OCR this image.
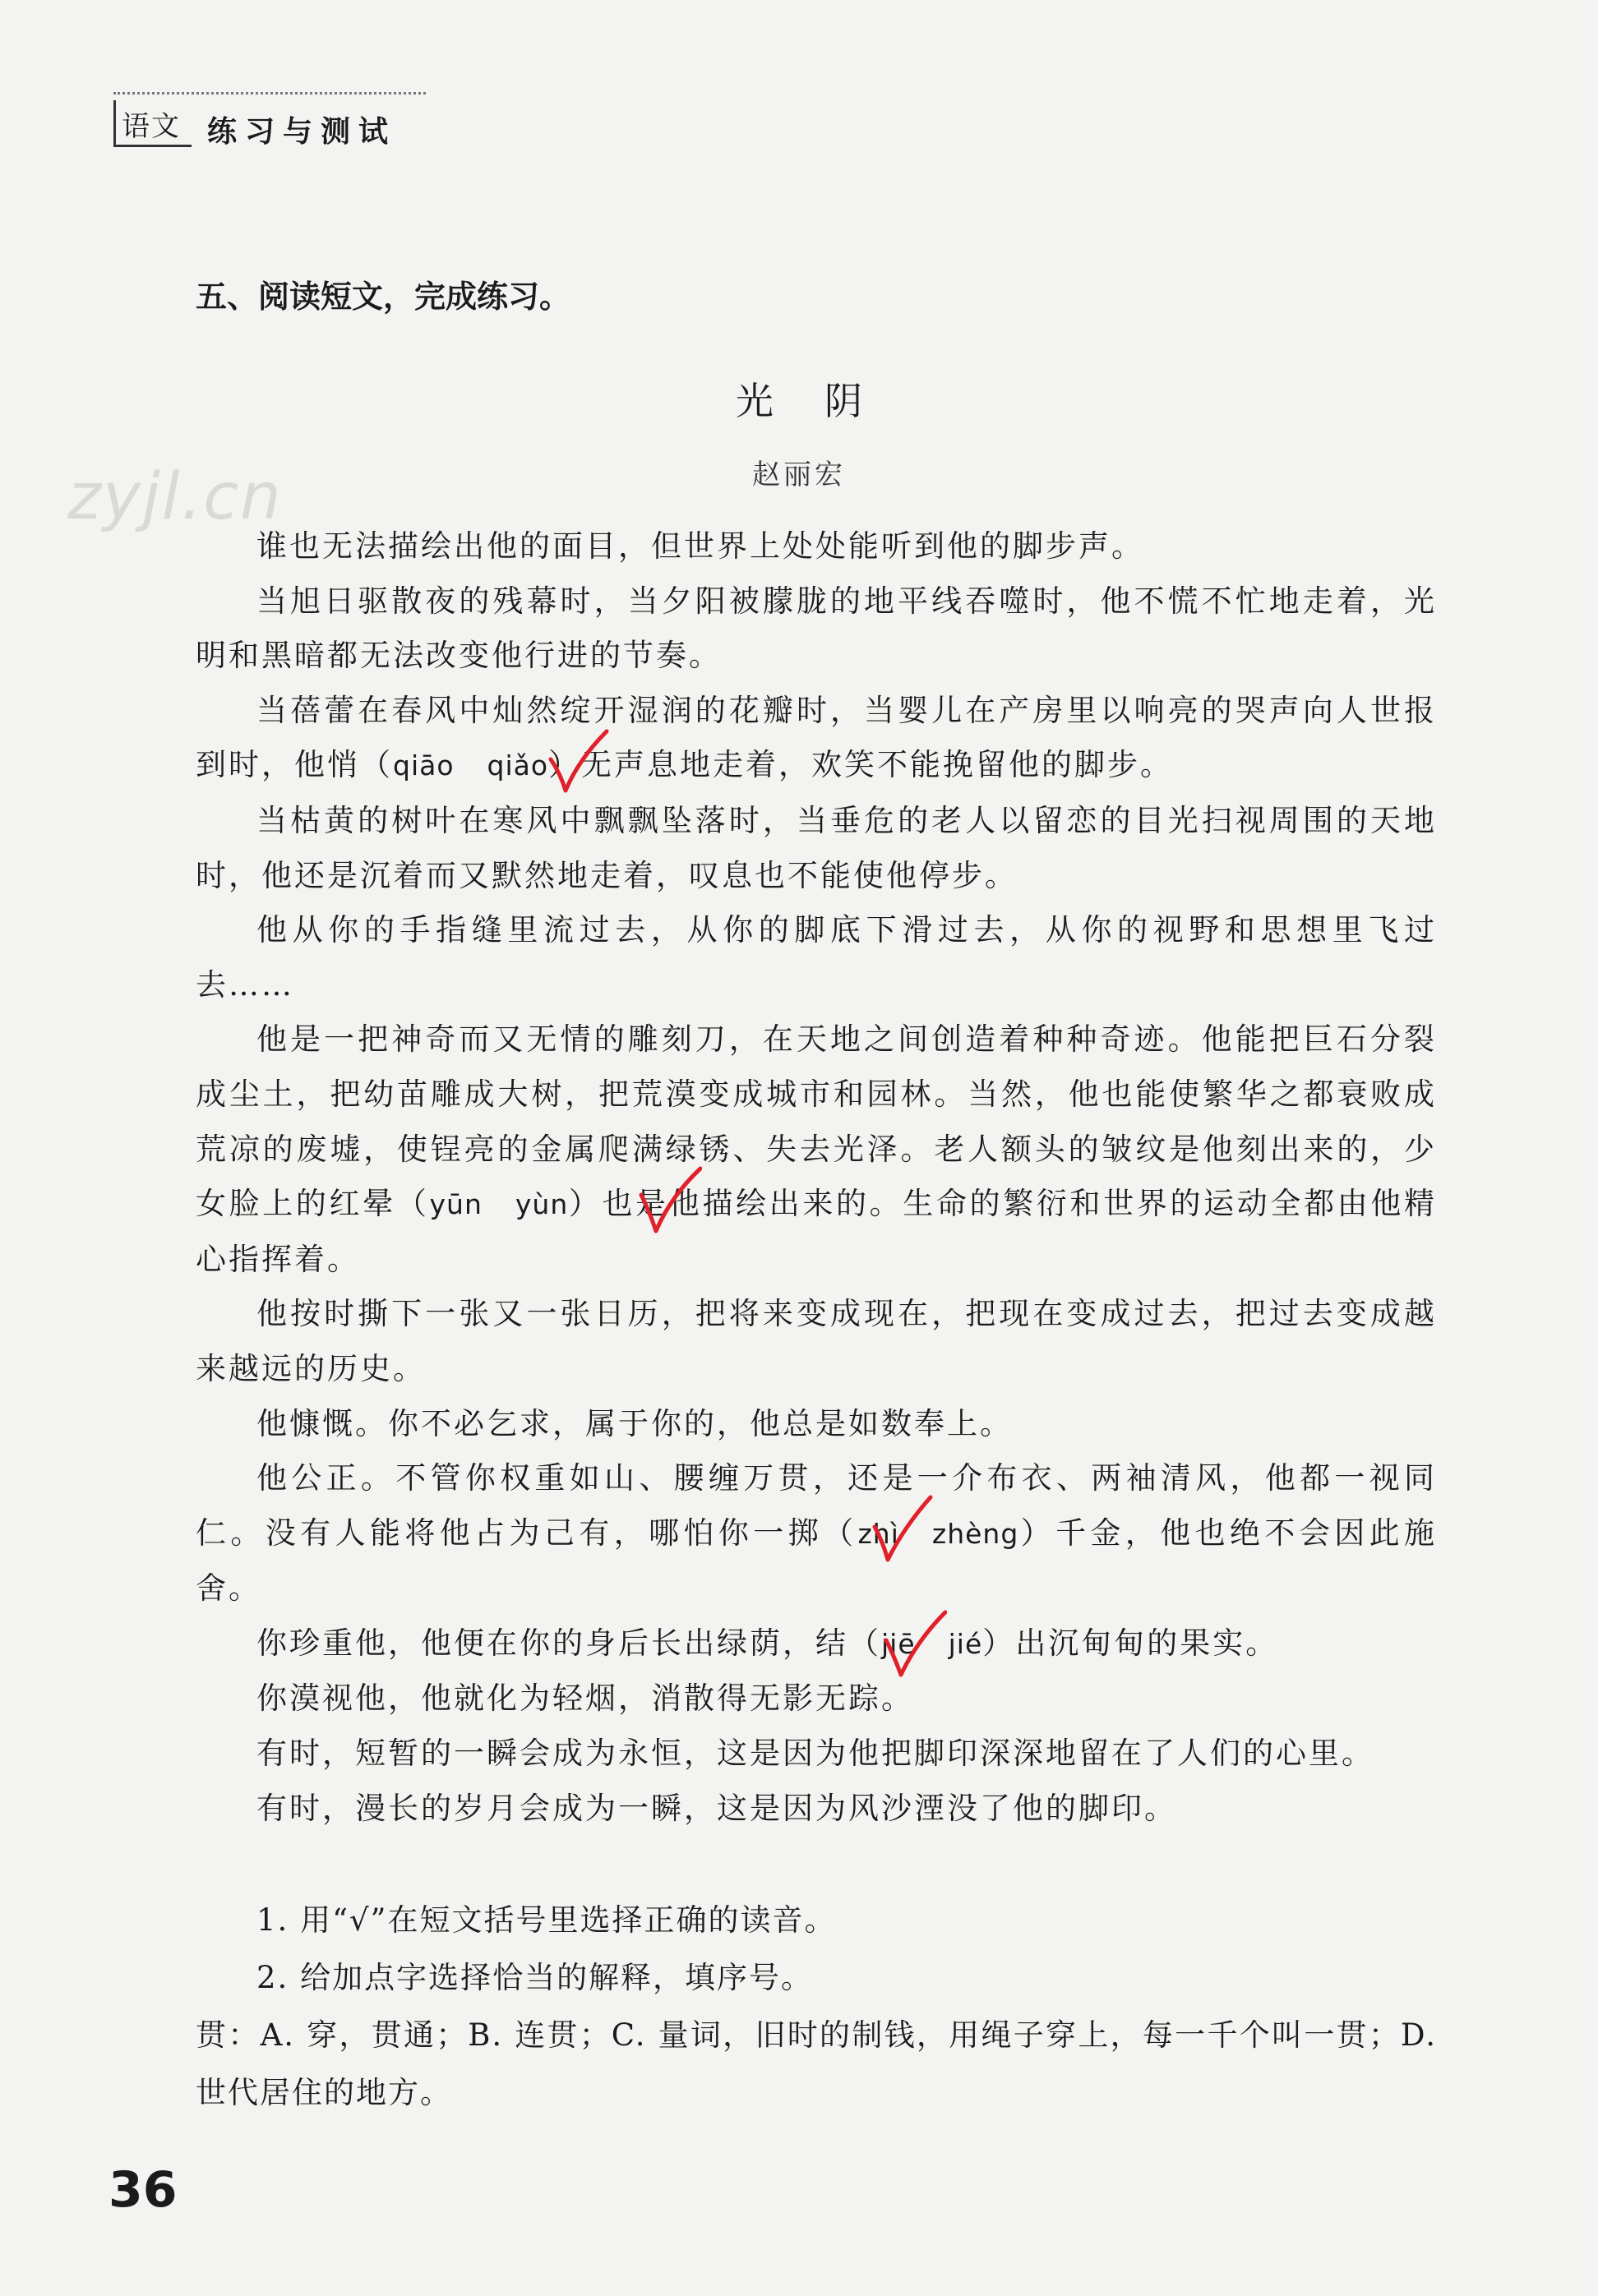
语文 练习与测试
五、阅读短文，完成练习。
zyjl.cn
光阴
赵丽宏

谁也无法描绘出他的面目，但世界上处处能听到他的脚步声。

当旭日驱散夜的残幕时，当夕阳被朦胧的地平线吞噬时，他不慌不忙地走着，光明和黑暗都无法改变他行进的节奏。

当蓓蕾在春风中灿然绽开湿润的花瓣时，当婴儿在产房里以响亮的哭声向人世报到时，他悄（qiāo qiǎo）无声息地走着，欢笑不能挽留他的脚步。

当枯黄的树叶在寒风中飘飘坠落时，当垂危的老人以留恋的目光扫视周围的天地时，他还是沉着而又默然地走着，叹息也不能使他停步。

他从你的手指缝里流过去，从你的脚底下滑过去，从你的视野和思想里飞过去……

他是一把神奇而又无情的雕刻刀，在天地之间创造着种种奇迹。他能把巨石分裂成尘土，把幼苗雕成大树，把荒漠变成城市和园林。当然，他也能使繁华之都衰败成荒凉的废墟，使锃亮的金属爬满绿锈、失去光泽。老人额头的皱纹是他刻出来的，少女脸上的红晕（yūn yùn）也是他描绘出来的。生命的繁衍和世界的运动全都由他精心指挥着。

他按时撕下一张又一张日历，把将来变成现在，把现在变成过去，把过去变成越来越远的历史。

他慷慨。你不必乞求，属于你的，他总是如数奉上。

他公正。不管你权重如山、腰缠万贯，还是一介布衣、两袖清风，他都一视同仁。没有人能将他占为己有，哪怕你一掷（zhì zhèng）千金，他也绝不会因此施舍。

你珍重他，他便在你的身后长出绿荫，结（jiē jié）出沉甸甸的果实。

你漠视他，他就化为轻烟，消散得无影无踪。

有时，短暂的一瞬会成为永恒，这是因为他把脚印深深地留在了人们的心里。

有时，漫长的岁月会成为一瞬，这是因为风沙湮没了他的脚印。

1. 用“√”在短文括号里选择正确的读音。

2. 给加点字选择恰当的解释，填序号。

贯：A. 穿，贯通；B. 连贯；C. 量词，旧时的制钱，用绳子穿上，每一千个叫一贯；D. 世代居住的地方。

36
